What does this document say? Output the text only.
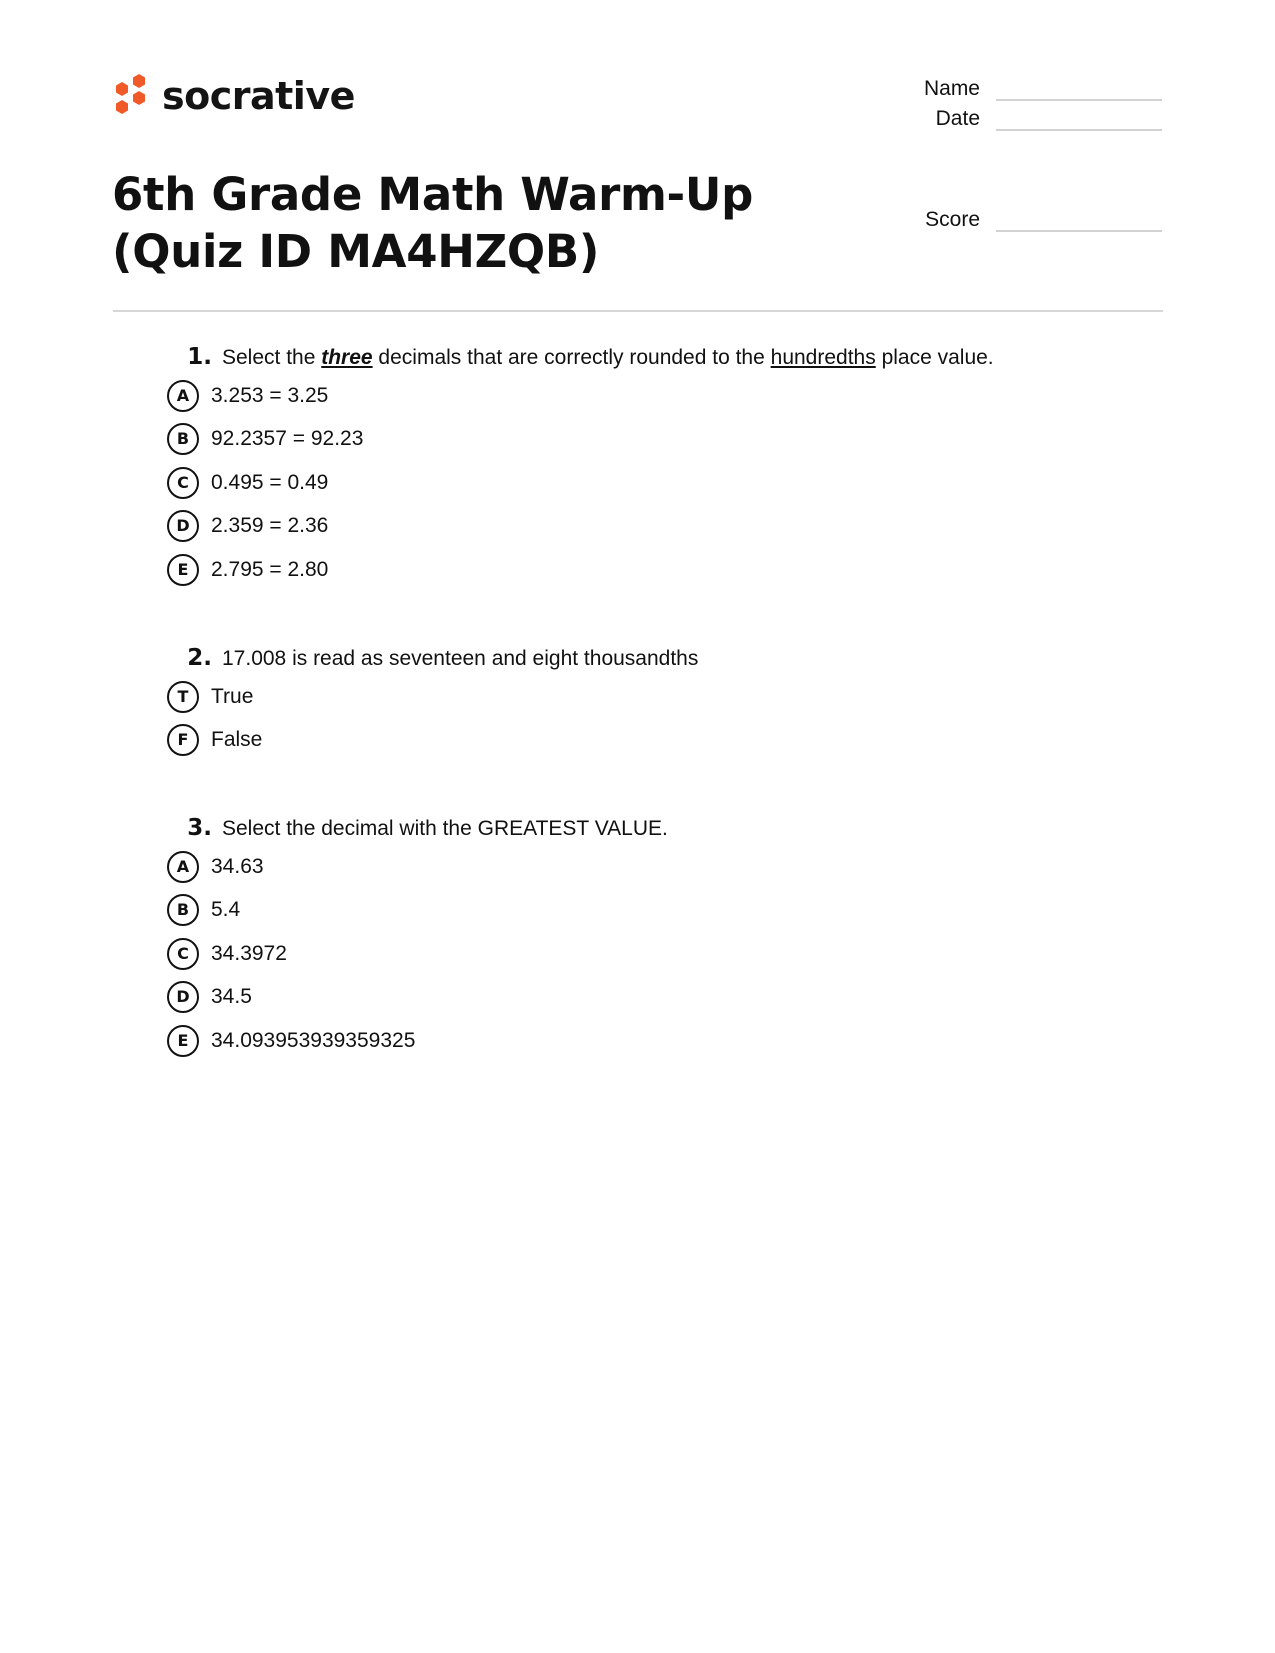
socrative	Name
Date
Score
6th Grade Math Warm-Up (Quiz ID MA4HZQB)
1. Select the three decimals that are correctly rounded to the hundredths place value.
A	3.253 = 3.25
B	92.2357 = 92.23
C	0.495 = 0.49
D	2.359 = 2.36
E	2.795 = 2.80
2. 17.008 is read as seventeen and eight thousandths
T	True
F	False
3. Select the decimal with the GREATEST VALUE.
A	34.63
B	5.4
C	34.3972
D	34.5
E	34.093953939359325
